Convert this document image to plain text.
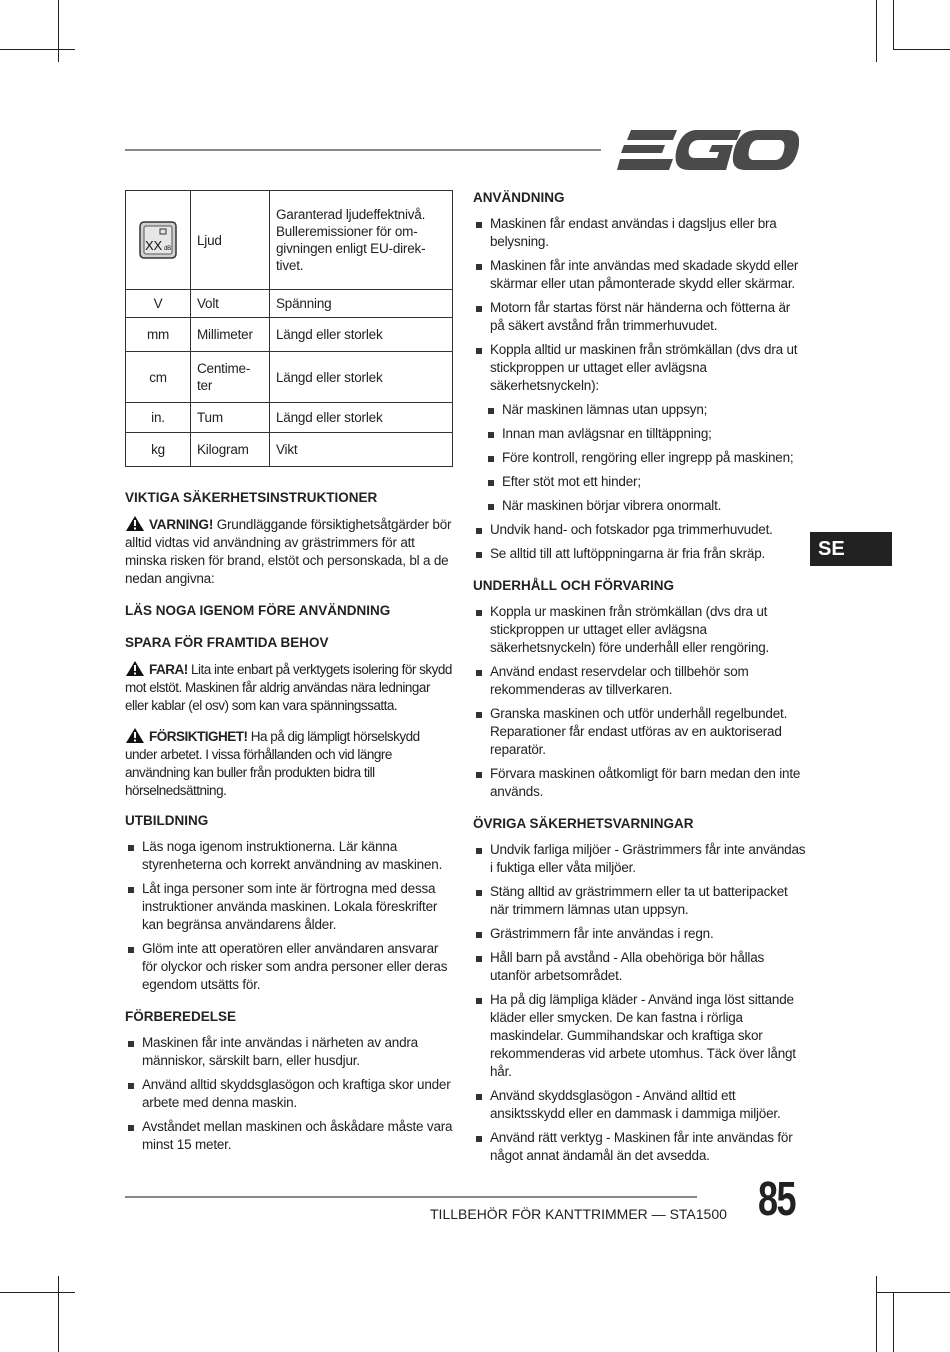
XX dB	Ljud	Garanterad ljudeffektnivå. Bulleremissioner för om-givningen enligt EU-direk-tivet.
V	Volt	Spänning
mm	Millimeter	Längd eller storlek
cm	Centime-ter	Längd eller storlek
in.	Tum	Längd eller storlek
kg	Kilogram	Vikt
VIKTIGA SÄKERHETSINSTRUKTIONER

VARNING! Grundläggande försiktighetsåtgärder bör alltid vidtas vid användning av grästrimmers för att minska risken för brand, elstöt och personskada, bl a de nedan angivna:

LÄS NOGA IGENOM FÖRE ANVÄNDNING
SPARA FÖR FRAMTIDA BEHOV

FARA! Lita inte enbart på verktygets isolering för skydd mot elstöt. Maskinen får aldrig användas nära ledningar eller kablar (el osv) som kan vara spänningssatta.

FÖRSIKTIGHET! Ha på dig lämpligt hörselskydd under arbetet. I vissa förhållanden och vid längre användning kan buller från produkten bidra till hörselnedsättning.

UTBILDNING
Läs noga igenom instruktionerna. Lär känna styrenheterna och korrekt användning av maskinen.
Låt inga personer som inte är förtrogna med dessa instruktioner använda maskinen. Lokala föreskrifter kan begränsa användarens ålder.
Glöm inte att operatören eller användaren ansvarar för olyckor och risker som andra personer eller deras egendom utsätts för.
FÖRBEREDELSE
Maskinen får inte användas i närheten av andra människor, särskilt barn, eller husdjur.
Använd alltid skyddsglasögon och kraftiga skor under arbete med denna maskin.
Avståndet mellan maskinen och åskådare måste vara minst 15 meter.
ANVÄNDNING
Maskinen får endast användas i dagsljus eller bra belysning.
Maskinen får inte användas med skadade skydd eller skärmar eller utan påmonterade skydd eller skärmar.
Motorn får startas först när händerna och fötterna är på säkert avstånd från trimmerhuvudet.
Koppla alltid ur maskinen från strömkällan (dvs dra ut stickproppen ur uttaget eller avlägsna säkerhetsnyckeln):
När maskinen lämnas utan uppsyn;
Innan man avlägsnar en tilltäppning;
Före kontroll, rengöring eller ingrepp på maskinen;
Efter stöt mot ett hinder;
När maskinen börjar vibrera onormalt.
Undvik hand- och fotskador pga trimmerhuvudet.
Se alltid till att luftöppningarna är fria från skräp.
UNDERHÅLL OCH FÖRVARING
Koppla ur maskinen från strömkällan (dvs dra ut stickproppen ur uttaget eller avlägsna säkerhetsnyckeln) före underhåll eller rengöring.
Använd endast reservdelar och tillbehör som rekommenderas av tillverkaren.
Granska maskinen och utför underhåll regelbundet. Reparationer får endast utföras av en auktoriserad reparatör.
Förvara maskinen oåtkomligt för barn medan den inte används.
ÖVRIGA SÄKERHETSVARNINGAR
Undvik farliga miljöer - Grästrimmers får inte användas i fuktiga eller våta miljöer.
Stäng alltid av grästrimmern eller ta ut batteripacket när trimmern lämnas utan uppsyn.
Grästrimmern får inte användas i regn.
Håll barn på avstånd - Alla obehöriga bör hållas utanför arbetsområdet.
Ha på dig lämpliga kläder - Använd inga löst sittande kläder eller smycken. De kan fastna i rörliga maskindelar. Gummihandskar och kraftiga skor rekommenderas vid arbete utomhus. Täck över långt hår.
Använd skyddsglasögon - Använd alltid ett ansiktsskydd eller en dammask i dammiga miljöer.
Använd rätt verktyg - Maskinen får inte användas för något annat ändamål än det avsedda.
SE
TILLBEHÖR FÖR KANTTRIMMER — STA1500 85
